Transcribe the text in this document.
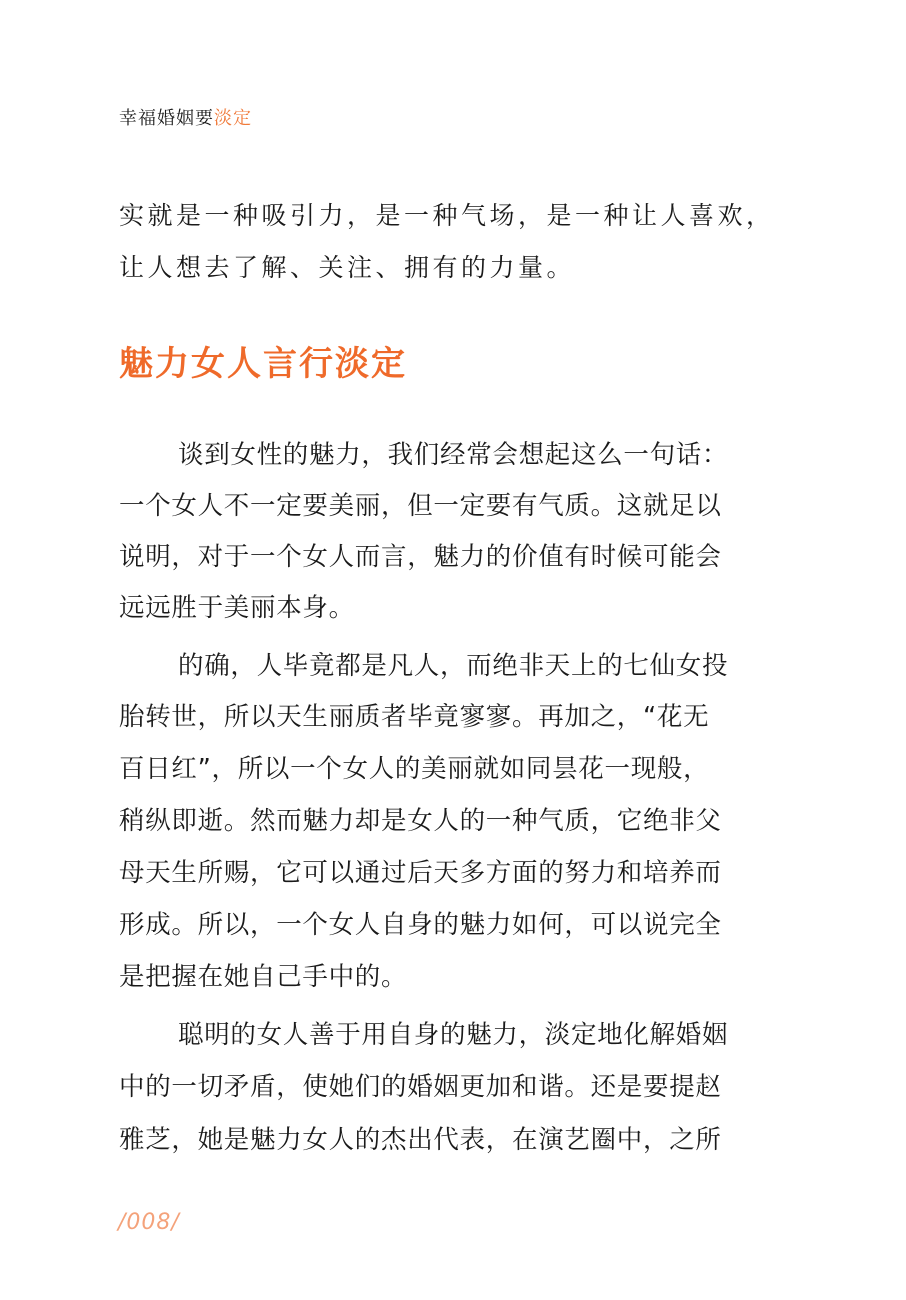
幸福婚姻要淡定
实就是一种吸引力，是一种气场，是一种让人喜欢，
让人想去了解、关注、拥有的力量。
魅力女人言行淡定
谈到女性的魅力，我们经常会想起这么一句话：
一个女人不一定要美丽，但一定要有气质。这就足以
说明，对于一个女人而言，魅力的价值有时候可能会
远远胜于美丽本身。
的确，人毕竟都是凡人，而绝非天上的七仙女投
胎转世，所以天生丽质者毕竟寥寥。再加之，“花无
百日红”，所以一个女人的美丽就如同昙花一现般，
稍纵即逝。然而魅力却是女人的一种气质，它绝非父
母天生所赐，它可以通过后天多方面的努力和培养而
形成。所以，一个女人自身的魅力如何，可以说完全
是把握在她自己手中的。
聪明的女人善于用自身的魅力，淡定地化解婚姻
中的一切矛盾，使她们的婚姻更加和谐。还是要提赵
雅芝，她是魅力女人的杰出代表，在演艺圈中，之所
/008/
